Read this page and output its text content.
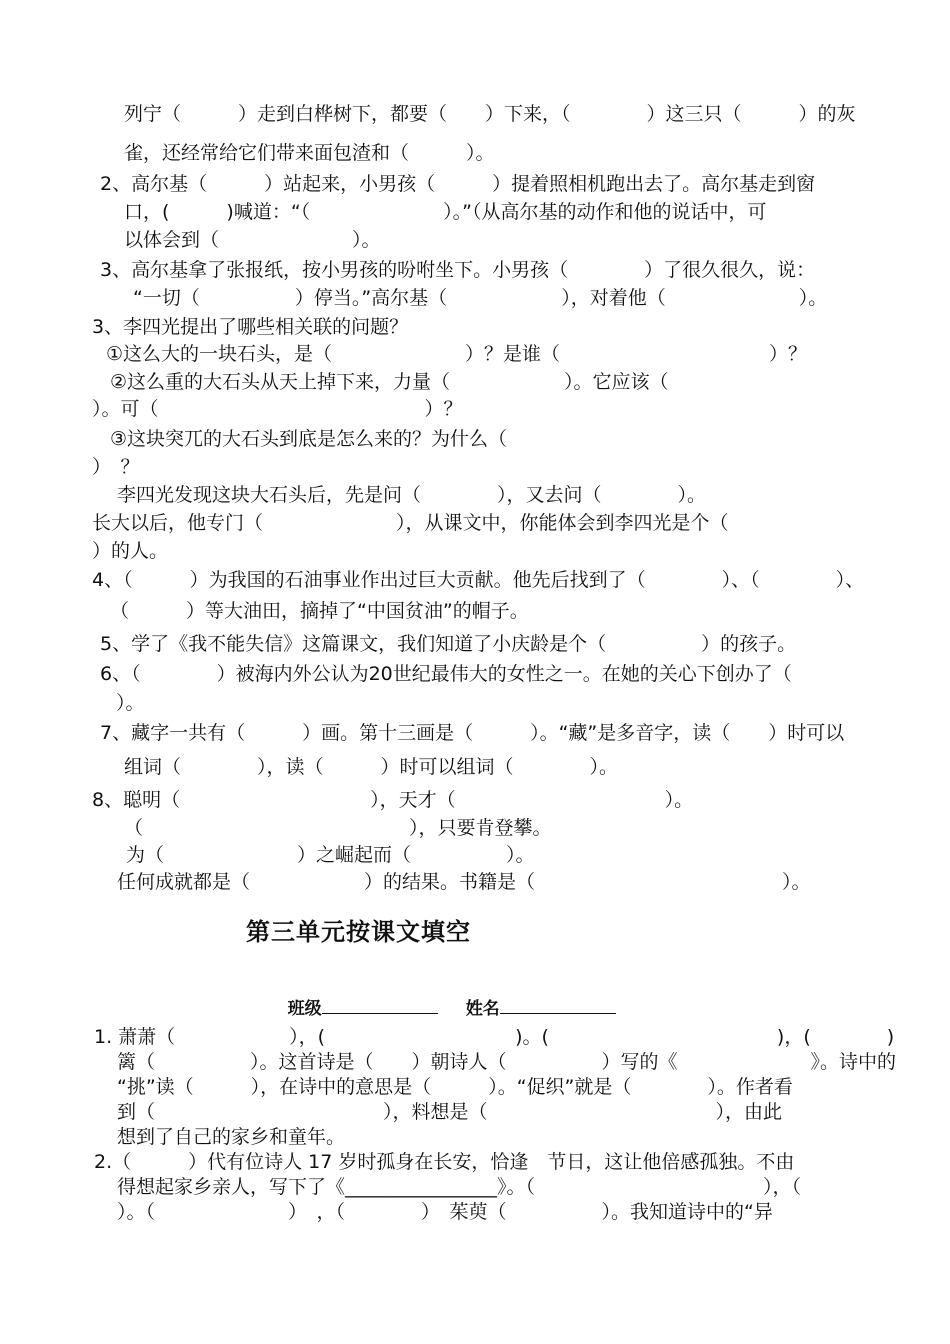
列宁（　　　）走到白桦树下，都要（　　）下来，（　　　　）这三只（　　　）的灰
雀，还经常给它们带来面包渣和（　　　）。
2、高尔基（　　　）站起来，小男孩（　　　）提着照相机跑出去了。高尔基走到窗
口，(　　　)喊道：“（　　　　　　　）。”（从高尔基的动作和他的说话中，可
以体会到（　　　　　　　）。
3、高尔基拿了张报纸，按小男孩的吩咐坐下。小男孩（　　　　）了很久很久，说：
“一切（　　　　　）停当。”高尔基（　　　　　　），对着他（　　　　　　　）。
3、李四光提出了哪些相关联的问题？
①这么大的一块石头，是（　　　　　　　）？是谁（　　　　　　　　　　　）？
②这么重的大石头从天上掉下来，力量（　　　　　　）。它应该（
）。可（　　　　　　　　　　　　　　）？
③这块突兀的大石头到底是怎么来的？为什么（
）　？
李四光发现这块大石头后，先是问（　　　　），又去问（　　　　）。
长大以后，他专门（　　　　　　　），从课文中，你能体会到李四光是个（
）的人。
4、（　　　）为我国的石油事业作出过巨大贡献。他先后找到了（　　　　）、（　　　　）、
（　　　）等大油田，摘掉了“中国贫油”的帽子。
5、学了《我不能失信》这篇课文，我们知道了小庆龄是个（　　　　　）的孩子。
6、（　　　　）被海内外公认为20世纪最伟大的女性之一。在她的关心下创办了（
）。
7、藏字一共有（　　　）画。第十三画是（　　　）。“藏”是多音字，读（　　）时可以
组词（　　　　），读（　　　）时可以组词（　　　　）。
8、聪明（　　　　　　　　　　），天才（　　　　　　　　　　　）。
（　　　　　　　　　　　　　　），只要肯登攀。
为（　　　　　　　）之崛起而（　　　　　）。
任何成就都是（　　　　　　）的结果。书籍是（　　　　　　　　　　　　　）。
第三单元按课文填空

班级
	姓名

1. 萧萧（　　　　　　），(　　　　　　　　　　)。(　　　　　　　　　　　　)，(　　　　)
篱（　　　　　）。这首诗是（　　）朝诗人（　　　　　）写的《　　　　　　　》。诗中的
“挑”读（　　　），在诗中的意思是（　　　）。“促织”就是（　　　　）。作者看
到（　　　　　　　　　　　　），料想是（　　　　　　　　　　　　），由此
想到了自己的家乡和童年。
2.（　　　）代有位诗人 17 岁时孤身在长安，恰逢　节日，这让他倍感孤独。不由
得想起家乡亲人，写下了《________________》。（　　　　　　　　　　　　），（
）。（　　　　　　　）　，（　　　　）　茱萸（　　　　　）。我知道诗中的“异
